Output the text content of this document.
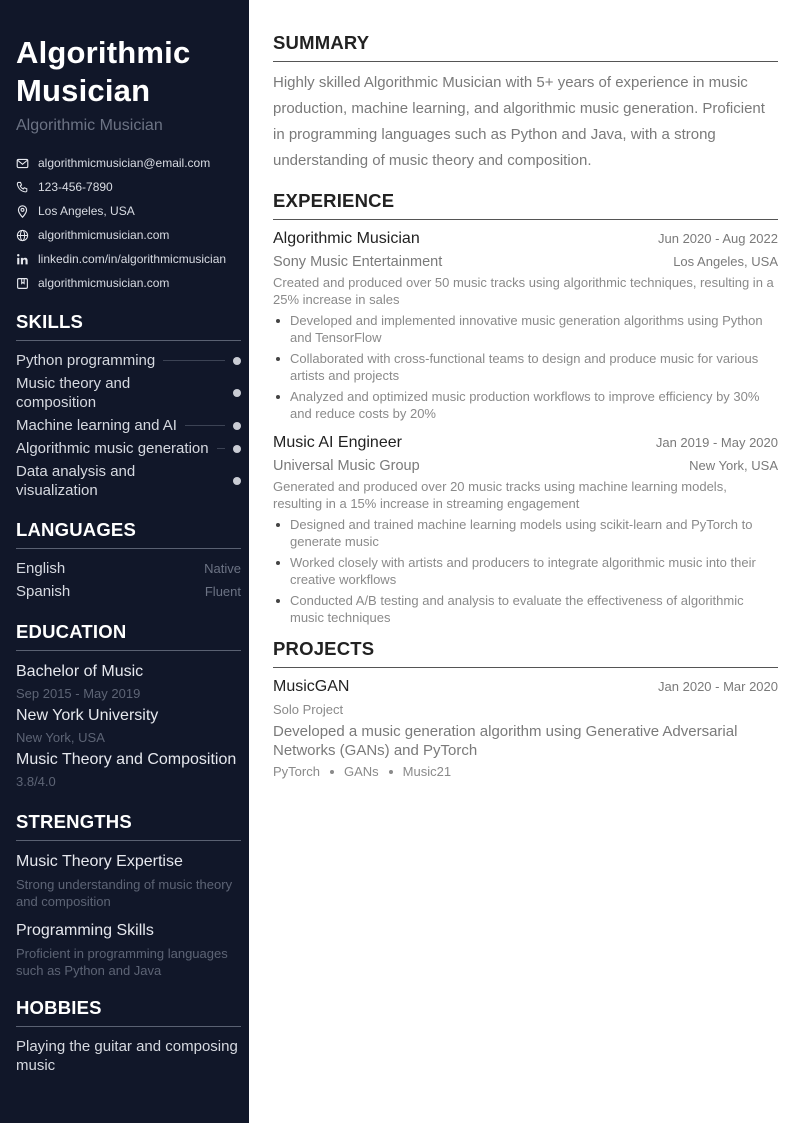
Algorithmic Musician
Algorithmic Musician
algorithmicmusician@email.com
123-456-7890
Los Angeles, USA
algorithmicmusician.com
linkedin.com/in/algorithmicmusician
algorithmicmusician.com
SKILLS
Python programming
Music theory and composition
Machine learning and AI
Algorithmic music generation
Data analysis and visualization
LANGUAGES
English	Native
Spanish	Fluent
EDUCATION
Bachelor of Music
Sep 2015 - May 2019
New York University
New York, USA
Music Theory and Composition
3.8/4.0
STRENGTHS
Music Theory Expertise
Strong understanding of music theory and composition
Programming Skills
Proficient in programming languages such as Python and Java
HOBBIES
Playing the guitar and composing music
SUMMARY

Highly skilled Algorithmic Musician with 5+ years of experience in music production, machine learning, and algorithmic music generation. Proficient in programming languages such as Python and Java, with a strong understanding of music theory and composition.

EXPERIENCE
Algorithmic Musician	Jun 2020 - Aug 2022
Sony Music Entertainment	Los Angeles, USA

Created and produced over 50 music tracks using algorithmic techniques, resulting in a 25% increase in sales

Developed and implemented innovative music generation algorithms using Python and TensorFlow
Collaborated with cross-functional teams to design and produce music for various artists and projects
Analyzed and optimized music production workflows to improve efficiency by 30% and reduce costs by 20%
Music AI Engineer	Jan 2019 - May 2020
Universal Music Group	New York, USA

Generated and produced over 20 music tracks using machine learning models, resulting in a 15% increase in streaming engagement

Designed and trained machine learning models using scikit-learn and PyTorch to generate music
Worked closely with artists and producers to integrate algorithmic music into their creative workflows
Conducted A/B testing and analysis to evaluate the effectiveness of algorithmic music techniques
PROJECTS
MusicGAN	Jan 2020 - Mar 2020
Solo Project

Developed a music generation algorithm using Generative Adversarial Networks (GANs) and PyTorch

PyTorch GANs Music21
